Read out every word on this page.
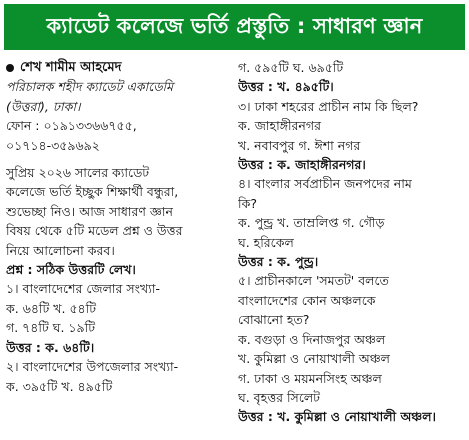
ক্যাডেট কলেজে ভর্তি প্রস্তুতি : সাধারণ জ্ঞান
শেখ শামীম আহমেদ
পরিচালক শহীদ ক্যাডেট একাডেমি
(উত্তরা), ঢাকা।
ফোন : ০১৯১৩৩৬৬৭৫৫,
০১৭১৪-৩৫৯৬৯২
সুপ্রিয় ২০২৬ সালের ক্যাডেট
কলেজে ভর্তি ইচ্ছুক শিক্ষার্থী বন্ধুরা,
শুভেচ্ছা নিও। আজ সাধারণ জ্ঞান
বিষয় থেকে ৫টি মডেল প্রশ্ন ও উত্তর
নিয়ে আলোচনা করব।
প্রশ্ন : সঠিক উত্তরটি লেখ।
১। বাংলাদেশের জেলার সংখ্যা-
ক. ৬৪টি খ. ৫৪টি
গ. ৭৪টি ঘ. ১৯টি
উত্তর : ক. ৬৪টি।
২। বাংলাদেশের উপজেলার সংখ্যা-
ক. ৩৯৫টি খ. ৪৯৫টি
গ. ৫৯৫টি ঘ. ৬৯৫টি
উত্তর : খ. ৪৯৫টি।
৩। ঢাকা শহরের প্রাচীন নাম কি ছিল?
ক. জাহাঙ্গীরনগর
খ. নবাবপুর গ. ঈশা নগর
উত্তর : ক. জাহাঙ্গীরনগর।
৪। বাংলার সর্বপ্রাচীন জনপদের নাম
কি?
ক. পুন্ড্র খ. তাম্রলিপ্ত গ. গৌড়
ঘ. হরিকেল
উত্তর : ক. পুন্ড্র।
৫। প্রাচীনকালে 'সমতট' বলতে
বাংলাদেশের কোন অঞ্চলকে
বোঝানো হত?
ক. বগুড়া ও দিনাজপুর অঞ্চল
খ. কুমিল্লা ও নোয়াখালী অঞ্চল
গ. ঢাকা ও ময়মনসিংহ অঞ্চল
ঘ. বৃহত্তর সিলেট
উত্তর : খ. কুমিল্লা ও নোয়াখালী অঞ্চল।
